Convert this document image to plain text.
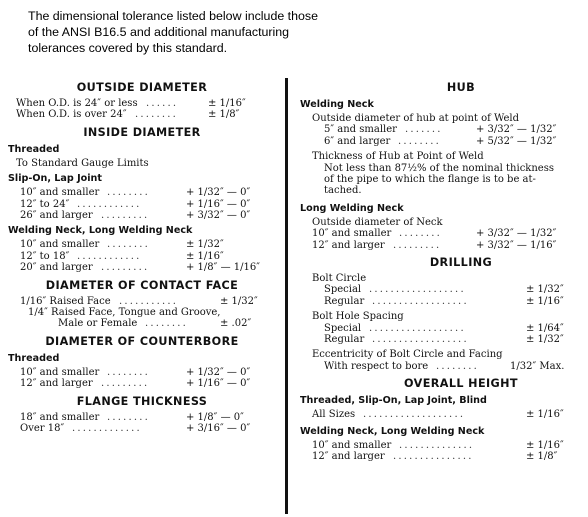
The dimensional tolerance listed below include those
of the ANSI B16.5 and additional manufacturing
tolerances covered by this standard.
OUTSIDE DIAMETER
When O.D. is 24″ or less ......	± 1/16″
When O.D. is over 24″ ........	± 1/8″
INSIDE DIAMETER
Threaded
To Standard Gauge Limits
Slip-On, Lap Joint
10″ and smaller ........	+ 1/32″ — 0″
12″ to 24″ ............	+ 1/16″ — 0″
26″ and larger .........	+ 3/32″ — 0″
Welding Neck, Long Welding Neck
10″ and smaller ........	± 1/32″
12″ to 18″ ............	± 1/16″
20″ and larger .........	+ 1/8″ — 1/16″
DIAMETER OF CONTACT FACE
1/16″ Raised Face ...........	± 1/32″
1/4″ Raised Face, Tongue and Groove,
Male or Female ........	± .02″
DIAMETER OF COUNTERBORE
Threaded
10″ and smaller ........	+ 1/32″ — 0″
12″ and larger .........	+ 1/16″ — 0″
FLANGE THICKNESS
18″ and smaller ........	+ 1/8″ — 0″
Over 18″ .............	+ 3/16″ — 0″
HUB
Welding Neck
Outside diameter of hub at point of Weld
5″ and smaller .......	+ 3/32″ — 1/32″
6″ and larger ........	+ 5/32″ — 1/32″
Thickness of Hub at Point of Weld
Not less than 87½% of the nominal thickness
of the pipe to which the flange is to be at-
tached.
Long Welding Neck
Outside diameter of Neck
10″ and smaller ........	+ 3/32″ — 1/32″
12″ and larger .........	+ 3/32″ — 1/16″
DRILLING
Bolt Circle
Special ..................	± 1/32″
Regular ..................	± 1/16″
Bolt Hole Spacing
Special ..................	± 1/64″
Regular ..................	± 1/32″
Eccentricity of Bolt Circle and Facing
With respect to bore ........	1/32″ Max.
OVERALL HEIGHT
Threaded, Slip-On, Lap Joint, Blind
All Sizes ...................	± 1/16″
Welding Neck, Long Welding Neck
10″ and smaller ..............	± 1/16″
12″ and larger ...............	± 1/8″
